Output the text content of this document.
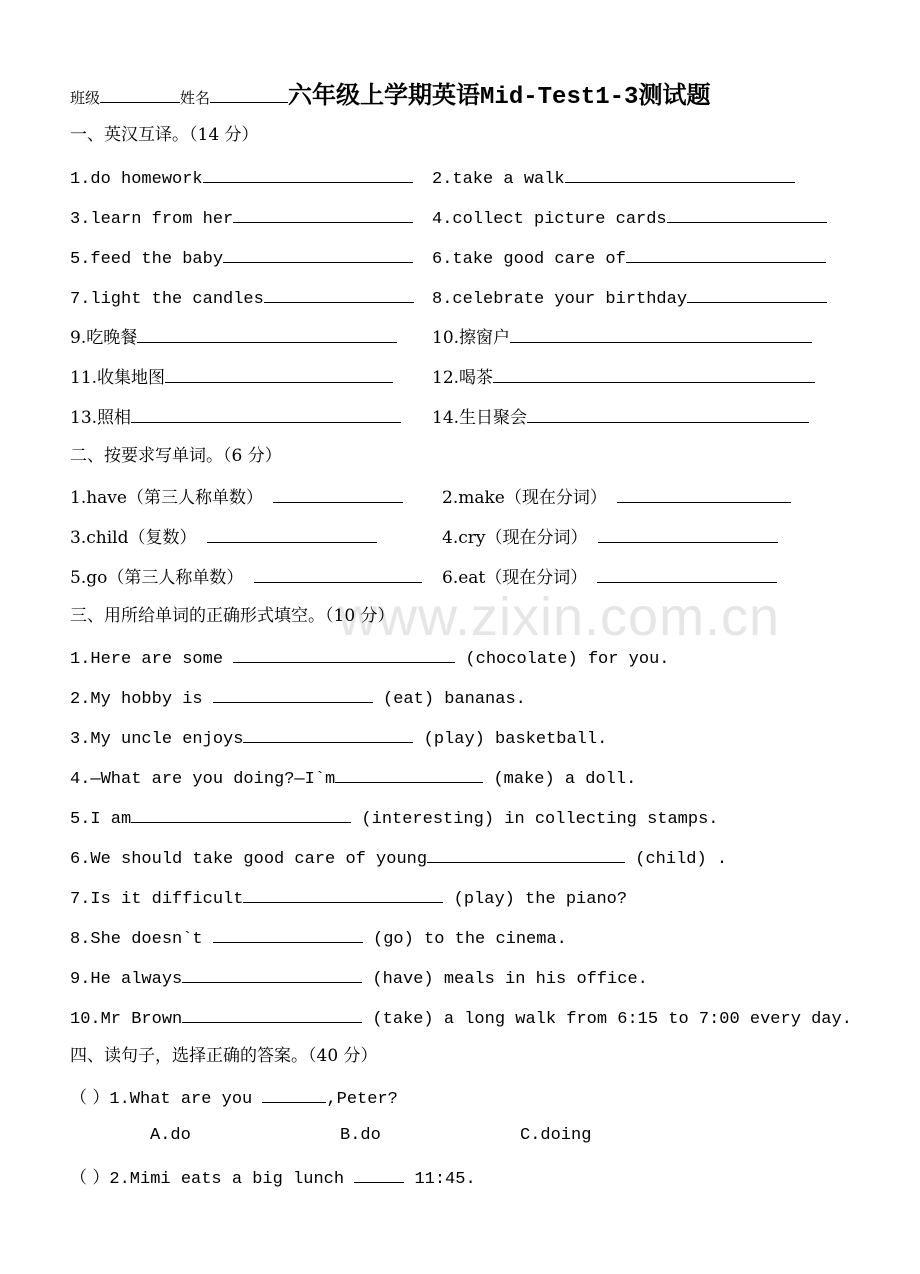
www.zixin.com.cn
班级	姓名	六年级上学期英语Mid-Test1-3测试题
一、英汉互译。（14 分）
1.do homework	2.take a walk
3.learn from her	4.collect picture cards
5.feed the baby	6.take good care of
7.light the candles	8.celebrate your birthday
9.吃晚餐	10.擦窗户
11.收集地图	12.喝茶
13.照相	14.生日聚会
二、按要求写单词。（6 分）
1.have（第三人称单数）	2.make（现在分词）
3.child（复数）	4.cry（现在分词）
5.go（第三人称单数）	6.eat（现在分词）
三、用所给单词的正确形式填空。（10 分）
1.Here are some	(chocolate) for you.
2.My hobby is	(eat) bananas.
3.My uncle enjoys	(play) basketball.
4.—What are you doing?—I`m	(make) a doll.
5.I am	(interesting) in collecting stamps.
6.We should take good care of young	(child) .
7.Is it difficult	(play) the piano?
8.She doesn`t	(go) to the cinema.
9.He always	(have) meals in his office.
10.Mr Brown	(take) a long walk from 6:15 to 7:00 every day.
四、读句子，选择正确的答案。（40 分）
（ ）1.What are you	,Peter?
A.do	B.do	C.doing
（ ）2.Mimi eats a big lunch	11:45.
